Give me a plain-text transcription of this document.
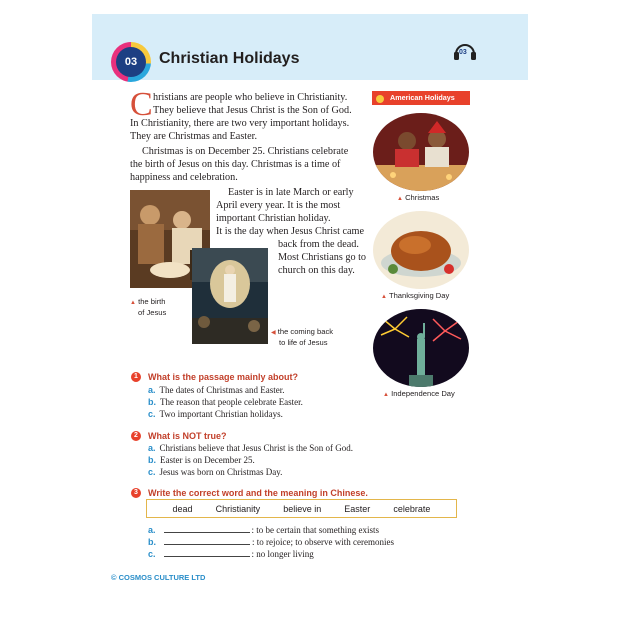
03	Christian Holidays	03
C hristians are people who believe in Christianity.
They believe that Jesus Christ is the Son of God.
In Christianity, there are two very important holidays.
They are Christmas and Easter.
Christmas is on December 25. Christians celebrate
the birth of Jesus on this day. Christmas is a time of
happiness and celebration.
Easter is in late March or early
April every year. It is the most
important Christian holiday.
It is the day when Jesus Christ came
back from the dead.
Most Christians go to
church on this day.
▲ the birth
of Jesus
◀ the coming back
to life of Jesus
American Holidays
▲ Christmas
▲ Thanksgiving Day
▲ Independence Day
1	What is the passage mainly about?
a. The dates of Christmas and Easter.
b. The reason that people celebrate Easter.
c. Two important Christian holidays.
2	What is NOT true?
a. Christians believe that Jesus Christ is the Son of God.
b. Easter is on December 25.
c. Jesus was born on Christmas Day.
3	Write the correct word and the meaning in Chinese.
dead	Christianity	believe in	Easter	celebrate
a.	: to be certain that something exists
b.	: to rejoice; to observe with ceremonies
c.	: no longer living
© COSMOS CULTURE LTD
